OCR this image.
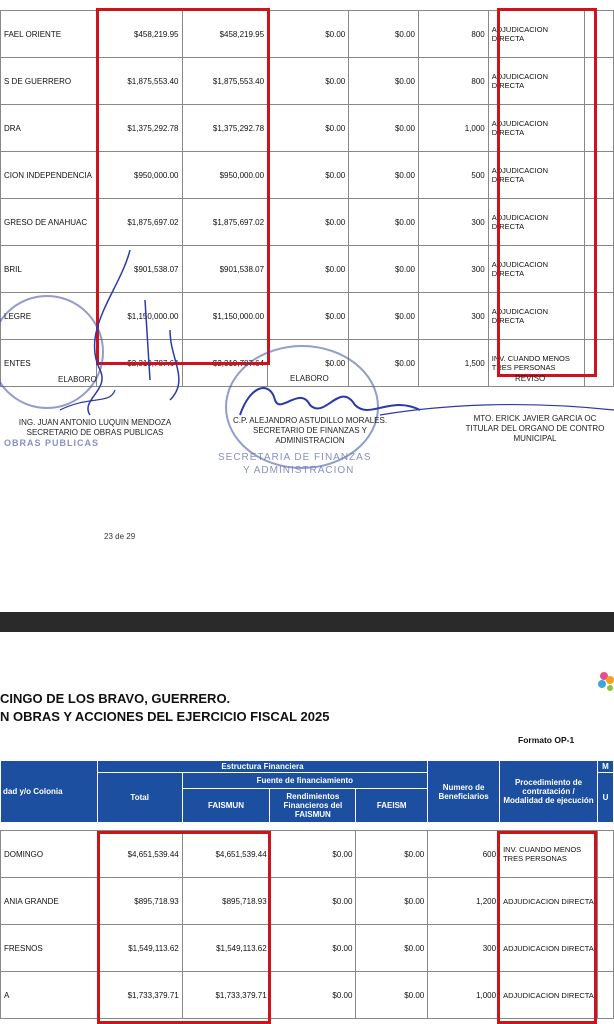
FAEL ORIENTE	$458,219.95	$458,219.95	$0.00	$0.00	800	ADJUDICACION DIRECTA	
S DE GUERRERO	$1,875,553.40	$1,875,553.40	$0.00	$0.00	800	ADJUDICACION DIRECTA	
DRA	$1,375,292.78	$1,375,292.78	$0.00	$0.00	1,000	ADJUDICACION DIRECTA	
CION INDEPENDENCIA	$950,000.00	$950,000.00	$0.00	$0.00	500	ADJUDICACION DIRECTA	
GRESO DE ANAHUAC	$1,875,697.02	$1,875,697.02	$0.00	$0.00	300	ADJUDICACION DIRECTA	
BRIL	$901,538.07	$901,538.07	$0.00	$0.00	300	ADJUDICACION DIRECTA	
LEGRE	$1,150,000.00	$1,150,000.00	$0.00	$0.00	300	ADJUDICACION DIRECTA	
ENTES	$2,319,787.64	$2,319,787.64	$0.00	$0.00	1,500	INV. CUANDO MENOS TRES PERSONAS	
ELABORO
ING. JUAN ANTONIO LUQUIN MENDOZA
SECRETARIO DE OBRAS PUBLICAS
OBRAS PUBLICAS
ELABORO
C.P. ALEJANDRO ASTUDILLO MORALES.
SECRETARIO DE FINANZAS Y
ADMINISTRACION
SECRETARIA DE FINANZAS
Y ADMINISTRACION
REVISO
MTO. ERICK JAVIER GARCIA OC
TITULAR DEL ORGANO DE CONTRO
MUNICIPAL
23 de 29
CINGO DE LOS BRAVO, GUERRERO.
N OBRAS Y ACCIONES DEL EJERCICIO FISCAL 2025
Formato OP-1
dad y/o Colonia	Estructura Financiera				Numero de Beneficiarios	Procedimiento de contratación / Modalidad de ejecución	M
	Total	Fuente de financiamiento					U
		FAISMUN	Rendimientos Financieros del FAISMUN	FAEISM			
DOMINGO	$4,651,539.44	$4,651,539.44	$0.00	$0.00	600	INV. CUANDO MENOS TRES PERSONAS	
ANIA GRANDE	$895,718.93	$895,718.93	$0.00	$0.00	1,200	ADJUDICACION DIRECTA	
FRESNOS	$1,549,113.62	$1,549,113.62	$0.00	$0.00	300	ADJUDICACION DIRECTA	
A	$1,733,379.71	$1,733,379.71	$0.00	$0.00	1,000	ADJUDICACION DIRECTA	
